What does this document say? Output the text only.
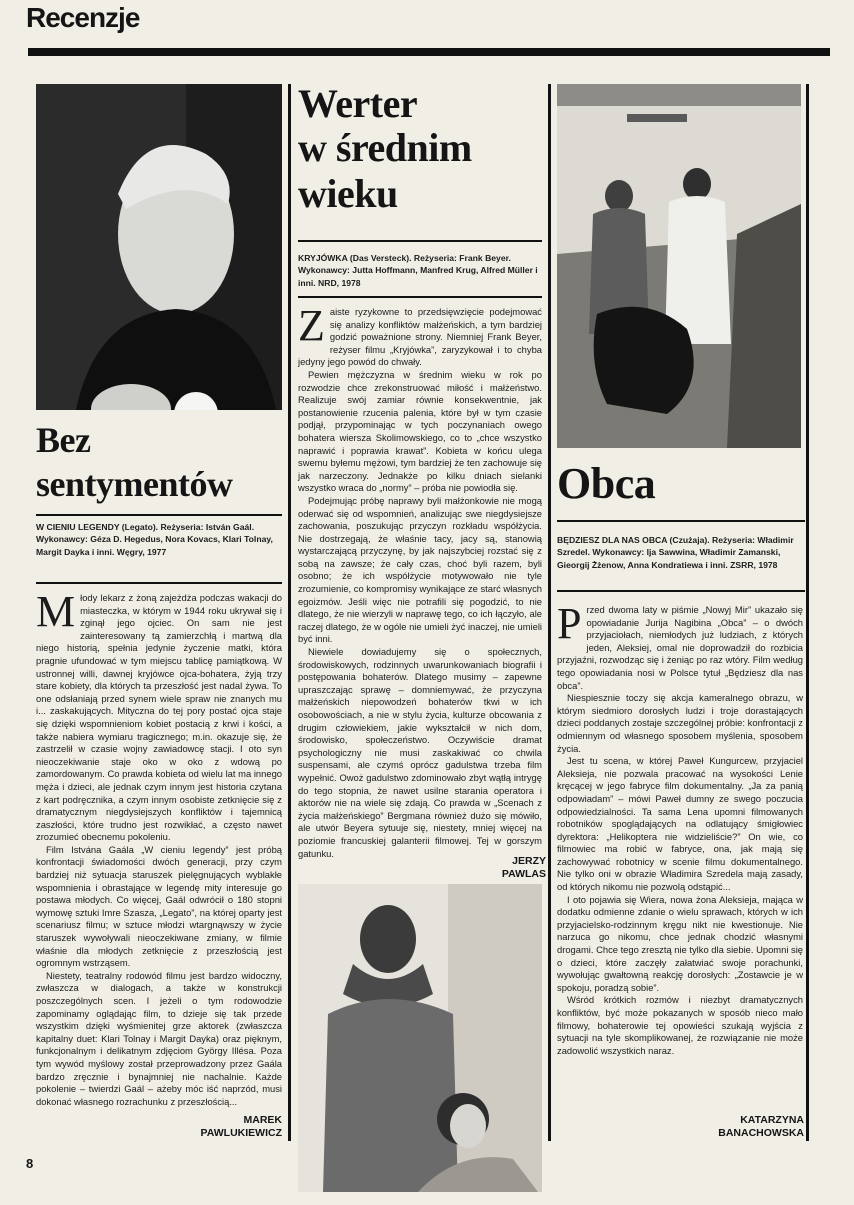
Recenzje
Bez
sentymentów
W CIENIU LEGENDY (Legato). Reżyseria: István Gaál. Wykonawcy: Géza D. Hegedus, Nora Kovacs, Klari Tolnay, Margit Dayka i inni. Węgry, 1977
M łody lekarz z żoną zajeżdża podczas wakacji do miasteczka, w którym w 1944 roku ukrywał się i zginął jego ojciec. On sam nie jest zainteresowany tą zamierzchłą i martwą dla niego historią, spełnia jedynie życzenie matki, która pragnie ufundować w tym miejscu tablicę pamiątkową. W ustronnej willi, dawnej kryjówce ojca-bohatera, żyją trzy stare kobiety, dla których ta przeszłość jest nadal żywa. To one odsłaniają przed synem wiele spraw nie znanych mu i... zaskakujących. Mityczna do tej pory postać ojca staje się dzięki wspomnieniom kobiet postacią z krwi i kości, a także nabiera wymiaru tragicznego; m.in. okazuje się, że zastrzelił w czasie wojny zawiadowcę stacji. I oto syn nieoczekiwanie staje oko w oko z wdową po zamordowanym. Co prawda kobieta od wielu lat ma innego męża i dzieci, ale jednak czym innym jest historia czytana z kart podręcznika, a czym innym osobiste zetknięcie się z dramatycznym niegdysiejszych konfliktów i tajemnicą zaszłości, które trudno jest rozwikłać, a często nawet zrozumieć obecnemu pokoleniu.

Film Istvána Gaála „W cieniu legendy” jest próbą konfrontacji świadomości dwóch generacji, przy czym bardziej niż sytuacja staruszek pielęgnujących wyblakłe wspomnienia i obrastające w legendę mity interesuje go postawa młodych. Co więcej, Gaál odwrócił o 180 stopni wymowę sztuki Imre Szasza, „Legato”, na której oparty jest scenariusz filmu; w sztuce młodzi wtargnąwszy w życie staruszek wywoływali nieoczekiwane zmiany, w filmie właśnie dla młodych zetknięcie z przeszłością jest ogromnym wstrząsem.

Niestety, teatralny rodowód filmu jest bardzo widoczny, zwłaszcza w dialogach, a także w konstrukcji poszczególnych scen. I jeżeli o tym rodowodzie zapominamy oglądając film, to dzieje się tak przede wszystkim dzięki wyśmienitej grze aktorek (zwłaszcza kapitalny duet: Klari Tolnay i Margit Dayka) oraz pięknym, funkcjonalnym i delikatnym zdjęciom György Illésa. Poza tym wywód myślowy został przeprowadzony przez Gaála bardzo zręcznie i bynajmniej nie nachalnie. Każde pokolenie – twierdzi Gaál – ażeby móc iść naprzód, musi dokonać własnego rozrachunku z przeszłością...

MAREK
PAWLUKIEWICZ
Werter
w średnim
wieku
KRYJÓWKA (Das Versteck). Reżyseria: Frank Beyer. Wykonawcy: Jutta Hoffmann, Manfred Krug, Alfred Müller i inni. NRD, 1978
Z aiste ryzykowne to przedsięwzięcie podejmować się analizy konfliktów małżeńskich, a tym bardziej godzić poważnione strony. Niemniej Frank Beyer, reżyser filmu „Kryjówka”, zaryzykował i to chyba jedyny jego powód do chwały.

Pewien mężczyzna w średnim wieku w rok po rozwodzie chce zrekonstruować miłość i małżeństwo. Realizuje swój zamiar równie konsekwentnie, jak postanowienie rzucenia palenia, które był w tym czasie podjął, przypominając w tych poczynaniach owego bohatera wiersza Skolimowskiego, co to „chce wszystko naprawić i poprawia krawat”. Kobieta w końcu ulega swemu byłemu mężowi, tym bardziej że ten zachowuje się jak narzeczony. Jednakże po kilku dniach sielanki wszystko wraca do „normy” – próba nie powiodła się.

Podejmując próbę naprawy byli małżonkowie nie mogą oderwać się od wspomnień, analizując swe niegdysiejsze zachowania, poszukując przyczyn rozkładu współżycia. Nie dostrzegają, że właśnie tacy, jacy są, stanowią wystarczającą przyczynę, by jak najszybciej rozstać się z sobą na zawsze; że cały czas, choć byli razem, byli osobno; że ich współżycie motywowało nie tyle zrozumienie, co kompromisy wynikające ze starć własnych egoizmów. Jeśli więc nie potrafili się pogodzić, to nie dlatego, że nie wierzyli w naprawę tego, co ich łączyło, ale raczej dlatego, że w ogóle nie umieli żyć inaczej, nie umieli być inni.

Niewiele dowiadujemy się o społecznych, środowiskowych, rodzinnych uwarunkowaniach biografii i postępowania bohaterów. Dlatego musimy – zapewne upraszczając sprawę – domniemywać, że przyczyna małżeńskich niepowodzeń bohaterów tkwi w ich osobowościach, a nie w stylu życia, kulturze obcowania z drugim człowiekiem, jakie wykształcił w nich dom, środowisko, społeczeństwo. Oczywiście dramat psychologiczny nie musi zaskakiwać co chwila suspensami, ale czymś oprócz gadulstwa trzeba film wypełnić. Owoż gadulstwo zdominowało zbyt wątłą intrygę do tego stopnia, że nawet usilne starania operatora i aktorów nie na wiele się zdają. Co prawda w „Scenach z życia małżeńskiego” Bergmana również dużo się mówiło, ale utwór Beyera sytuuje się, niestety, mniej więcej na poziomie francuskiej galanterii filmowej. Tej w gorszym gatunku.

JERZY
PAWLAS
Obca
BĘDZIESZ DLA NAS OBCA (Czużaja). Reżyseria: Władimir Szredel. Wykonawcy: Ija Sawwina, Władimir Zamanski, Gieorgij Żżenow, Anna Kondratiewa i inni. ZSRR, 1978
P rzed dwoma laty w piśmie „Nowyj Mir” ukazało się opowiadanie Jurija Nagibina „Obca” – o dwóch przyjaciołach, niemłodych już ludziach, z których jeden, Aleksiej, omal nie doprowadził do rozbicia przyjaźni, rozwodząc się i żeniąc po raz wtóry. Film według tego opowiadania nosi w Polsce tytuł „Będziesz dla nas obca”.

Niespiesznie toczy się akcja kameralnego obrazu, w którym siedmioro dorosłych ludzi i troje dorastających dzieci poddanych zostaje szczególnej próbie: konfrontacji z odmiennym od własnego sposobem myślenia, sposobem życia.

Jest tu scena, w której Paweł Kungurcew, przyjaciel Aleksieja, nie pozwala pracować na wysokości Lenie kręcącej w jego fabryce film dokumentalny. „Ja za panią odpowiadam” – mówi Paweł dumny ze swego poczucia odpowiedzialności. Ta sama Lena upomni filmowanych robotników spoglądających na odlatujący śmigłowiec dyrektora: „Helikoptera nie widzieliście?” On wie, co filmowiec ma robić w fabryce, ona, jak mają się zachowywać robotnicy w scenie filmu dokumentalnego. Nie tylko oni w obrazie Władimira Szredela mają zasady, od których nikomu nie pozwolą odstąpić...

I oto pojawia się Wiera, nowa żona Aleksieja, mająca w dodatku odmienne zdanie o wielu sprawach, których w ich przyjacielsko-rodzinnym kręgu nikt nie kwestionuje. Nie narzuca go nikomu, chce jednak chodzić własnymi drogami. Chce tego zresztą nie tylko dla siebie. Upomni się o dzieci, które zaczęły załatwiać swoje porachunki, wywołując gwałtowną reakcję dorosłych: „Zostawcie je w spokoju, poradzą sobie”.

Wśród krótkich rozmów i niezbyt dramatycznych konfliktów, być może pokazanych w sposób nieco mało filmowy, bohaterowie tej opowieści szukają wyjścia z sytuacji na tyle skomplikowanej, że rozwiązanie nie może zadowolić wszystkich naraz.

KATARZYNA
BANACHOWSKA
8
